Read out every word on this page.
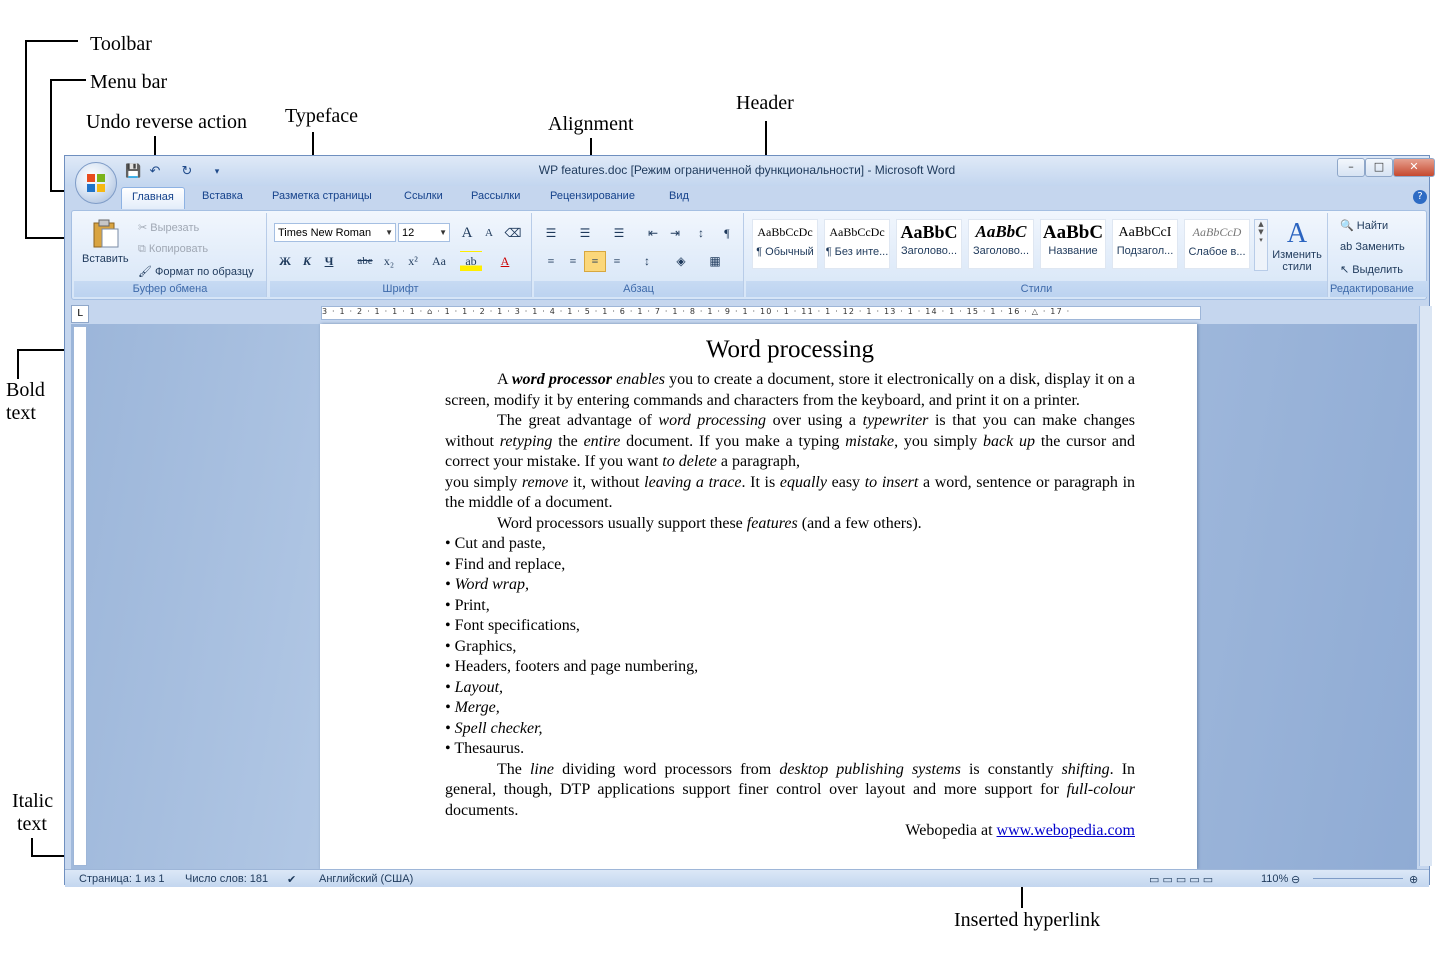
Toolbar
Menu bar
Undo reverse action Typeface	Alignment
Header
Bold
text
Italic
text
Inserted hyperlink
WP features.doc [Режим ограниченной функциональности] - Microsoft Word	–	□	✕
💾 ↶ ↻	▾
Главная	Вставка	Разметка страницы	Ссылки	Рассылки	Рецензирование	Вид	?
Вставить
✂ Вырезать
⧉ Копировать
🖌 Формат по образцу
Буфер обмена
Times New Roman ▼ 12	▼ A	A ⌫
Ж К	Ч	abe x₂	x²	Aa	ab	A
Шрифт
☰	☰	☰	⇤ ⇥	↕	¶
≡	≡	≡	≡	↕	◈	▦
Абзац
AaBbCcDc
¶ Обычный
AaBbCcDc
¶ Без инте...
AaBbC
Заголово...
AaBbC
Заголово...
AaBbC
Название
AaBbCcI
Подзагол...
AaBbCcD
Слабое в...
▲
▼
▾ A
Изменить стили
Стили
🔍 Найти
ab Заменить
↖ Выделить
Редактирование
L	3 · 1 · 2 · 1 · 1 · 1 · ⌂ · 1 · 1 · 2 · 1 · 3 · 1 · 4 · 1 · 5 · 1 · 6 · 1 · 7 · 1 · 8 · 1 · 9 · 1 · 10 · 1 · 11 · 1 · 12 · 1 · 13 · 1 · 14 · 1 · 15 · 1 · 16 · △ · 17 ·

Word processing

A word processor enables you to create a document, store it electronically on a disk, display it on a screen, modify it by entering commands and characters from the keyboard, and print it on a printer.

The great advantage of word processing over using a typewriter is that you can make changes without retyping the entire document. If you make a typing mistake, you simply back up the cursor and correct your mistake. If you want to delete a paragraph,

you simply remove it, without leaving a trace. It is equally easy to insert a word, sentence or paragraph in the middle of a document.

Word processors usually support these features (and a few others).

• Cut and paste,
• Find and replace,
• Word wrap,
• Print,
• Font specifications,
• Graphics,
• Headers, footers and page numbering,
• Layout,
• Merge,
• Spell checker,
• Thesaurus.

The line dividing word processors from desktop publishing systems is constantly shifting. In general, though, DTP applications support finer control over layout and more support for full-colour documents.

Webopedia at www.webopedia.com

Страница: 1 из 1 Число слов: 181 ✔ Английский (США)	▭ ▭ ▭ ▭ ▭	110% ⊖	⊕
